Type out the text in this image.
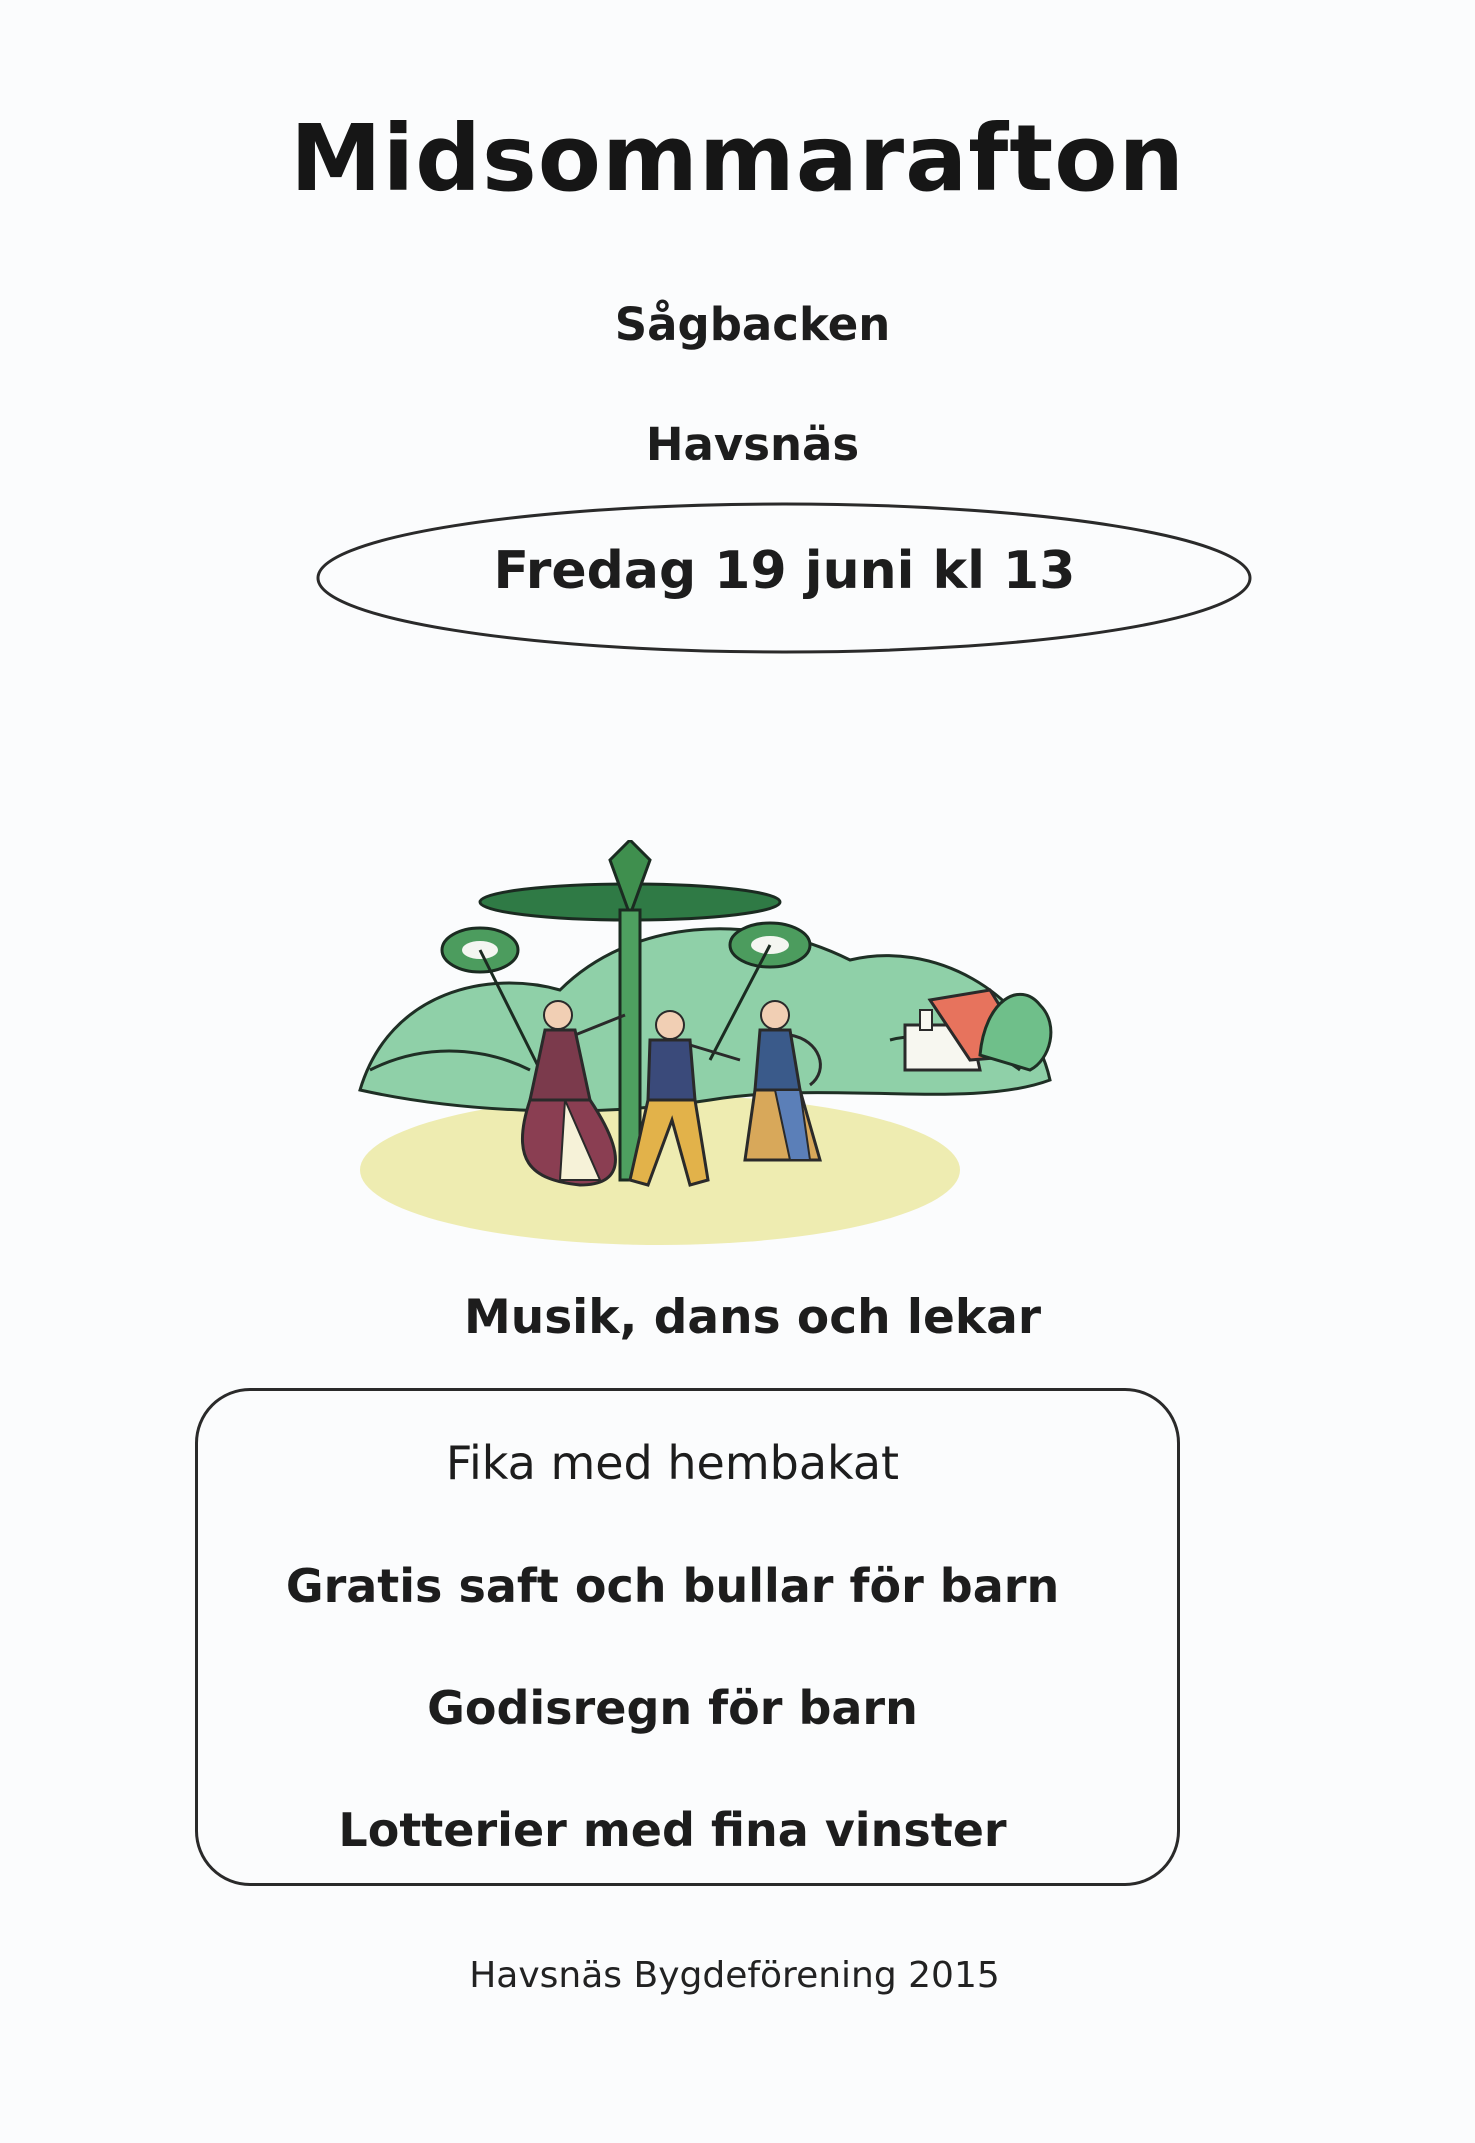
Midsommarafton
Sågbacken
Havsnäs
Fredag 19 juni kl 13
Musik, dans och lekar
Fika med hembakat
Gratis saft och bullar för barn
Godisregn för barn
Lotterier med fina vinster
Havsnäs Bygdeförening 2015
